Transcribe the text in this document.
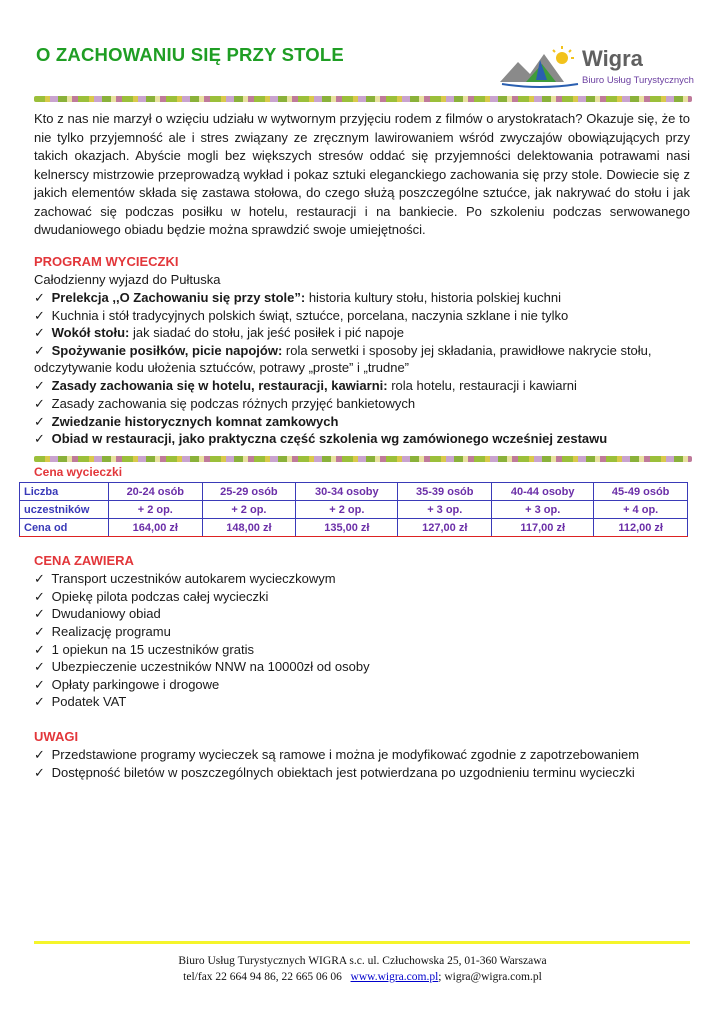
O ZACHOWANIU SIĘ PRZY STOLE	Wigra
Biuro Usług Turystycznych

Kto z nas nie marzył o wzięciu udziału w wytwornym przyjęciu rodem z filmów o arystokratach? Okazuje się, że to nie tylko przyjemność ale i stres związany ze zręcznym lawirowaniem wśród zwyczajów obowiązujących przy takich okazjach. Abyście mogli bez większych stresów oddać się przyjemności delektowania potrawami nasi kelnerscy mistrzowie przeprowadzą wykład i pokaz sztuki eleganckiego zachowania się przy stole. Dowiecie się z jakich elementów składa się zastawa stołowa, do czego służą poszczególne sztućce, jak nakrywać do stołu i jak zachować się podczas posiłku w hotelu, restauracji i na bankiecie. Po szkoleniu podczas serwowanego dwudaniowego obiadu będzie można sprawdzić swoje umiejętności.

PROGRAM WYCIECZKI
Całodzienny wyjazd do Pułtuska
✓ Prelekcja ,,O Zachowaniu się przy stole”: historia kultury stołu, historia polskiej kuchni
✓ Kuchnia i stół tradycyjnych polskich świąt, sztućce, porcelana, naczynia szklane i nie tylko
✓ Wokół stołu: jak siadać do stołu, jak jeść posiłek i pić napoje
✓ Spożywanie posiłków, picie napojów: rola serwetki i sposoby jej składania, prawidłowe nakrycie stołu,
odczytywanie kodu ułożenia sztućców, potrawy „proste” i „trudne”
✓ Zasady zachowania się w hotelu, restauracji, kawiarni: rola hotelu, restauracji i kawiarni
✓ Zasady zachowania się podczas różnych przyjęć bankietowych
✓ Zwiedzanie historycznych komnat zamkowych
✓ Obiad w restauracji, jako praktyczna część szkolenia wg zamówionego wcześniej zestawu
Cena wycieczki
Liczba	20-24 osób	25-29 osób	30-34 osoby	35-39 osób	40-44 osoby	45-49 osób
uczestników	+ 2 op.	+ 2 op.	+ 2 op.	+ 3 op.	+ 3 op.	+ 4 op.
Cena od	164,00 zł	148,00 zł	135,00 zł	127,00 zł	117,00 zł	112,00 zł
CENA ZAWIERA
✓ Transport uczestników autokarem wycieczkowym
✓ Opiekę pilota podczas całej wycieczki
✓ Dwudaniowy obiad
✓ Realizację programu
✓ 1 opiekun na 15 uczestników gratis
✓ Ubezpieczenie uczestników NNW na 10000zł od osoby
✓ Opłaty parkingowe i drogowe
✓ Podatek VAT
UWAGI
✓ Przedstawione programy wycieczek są ramowe i można je modyfikować zgodnie z zapotrzebowaniem
✓ Dostępność biletów w poszczególnych obiektach jest potwierdzana po uzgodnieniu terminu wycieczki
Biuro Usług Turystycznych WIGRA s.c. ul. Człuchowska 25, 01-360 Warszawa
tel/fax 22 664 94 86, 22 665 06 06 www.wigra.com.pl; wigra@wigra.com.pl
